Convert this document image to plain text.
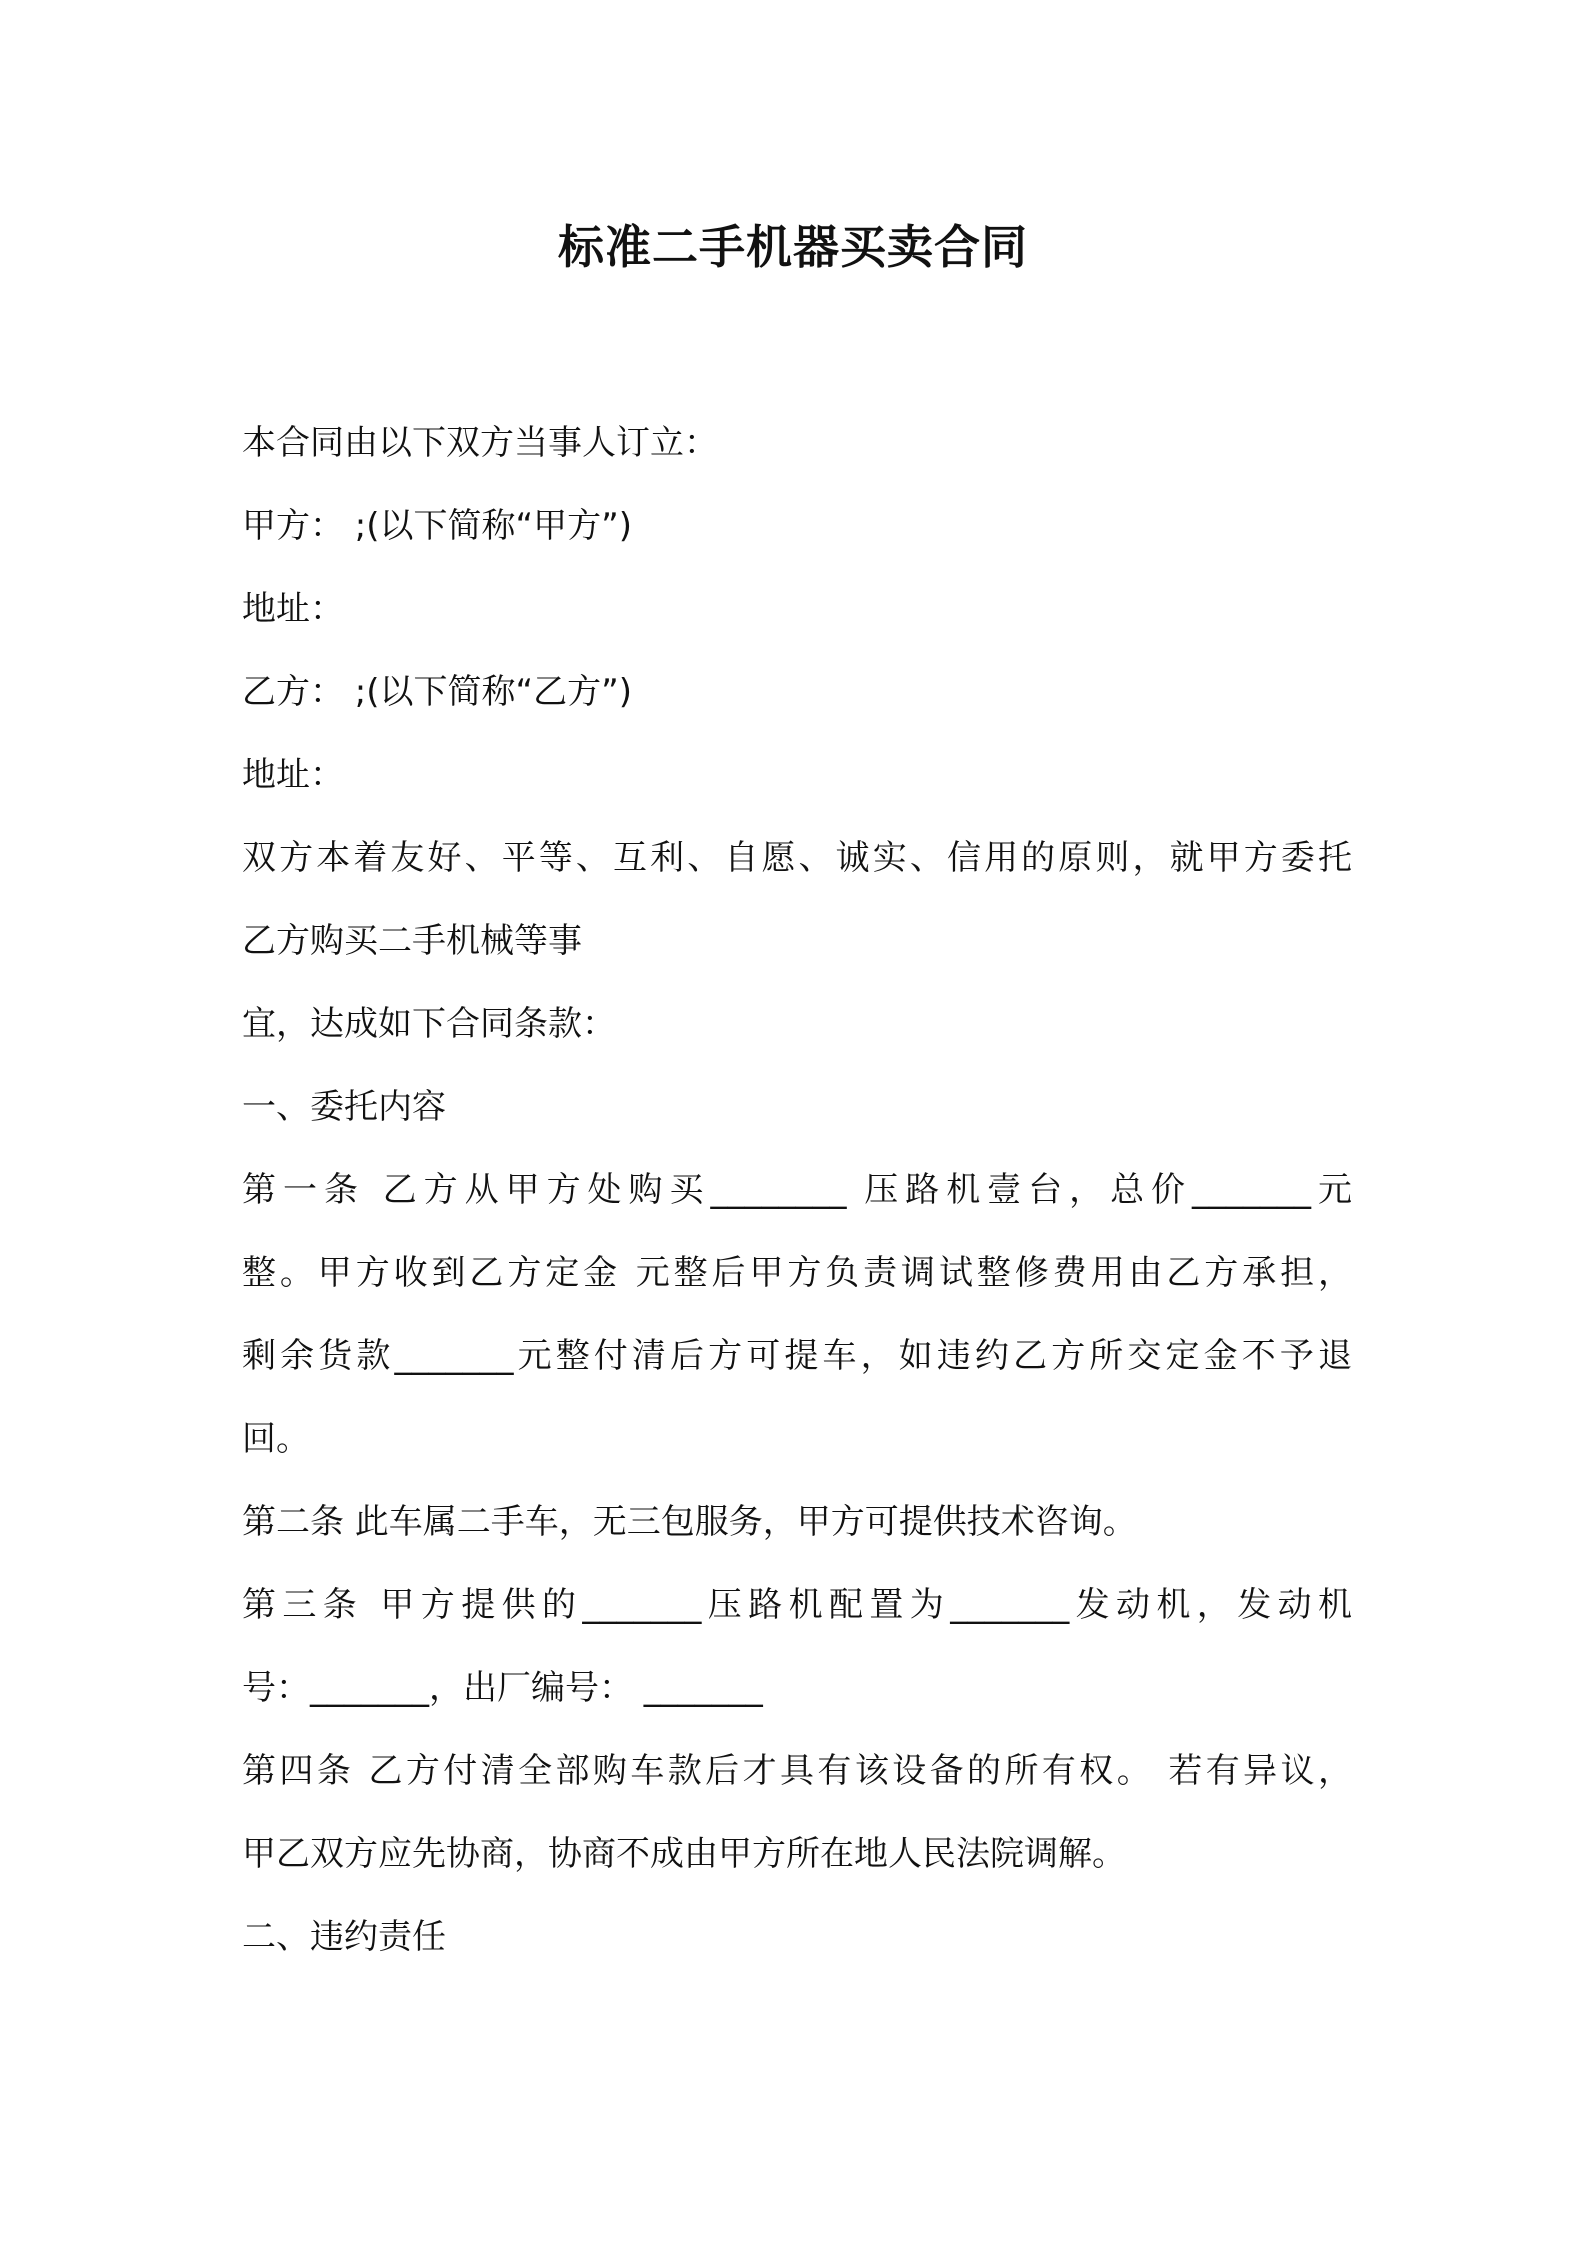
标准二手机器买卖合同

本合同由以下双方当事人订立：

甲方： ;(以下简称“甲方”)

地址：

乙方： ;(以下简称“乙方”)

地址：

双方本着友好、平等、互利、自愿、诚实、信用的原则，就甲方委托

乙方购买二手机械等事

宜，达成如下合同条款：

一、委托内容

第一条 乙方从甲方处购买________ 压路机壹台，总价_______元

整。甲方收到乙方定金 元整后甲方负责调试整修费用由乙方承担，

剩余货款_______元整付清后方可提车，如违约乙方所交定金不予退

回。

第二条 此车属二手车，无三包服务，甲方可提供技术咨询。

第三条 甲方提供的_______压路机配置为_______发动机，发动机

号：_______，出厂编号： _______

第四条 乙方付清全部购车款后才具有该设备的所有权。 若有异议，

甲乙双方应先协商，协商不成由甲方所在地人民法院调解。

二、违约责任
